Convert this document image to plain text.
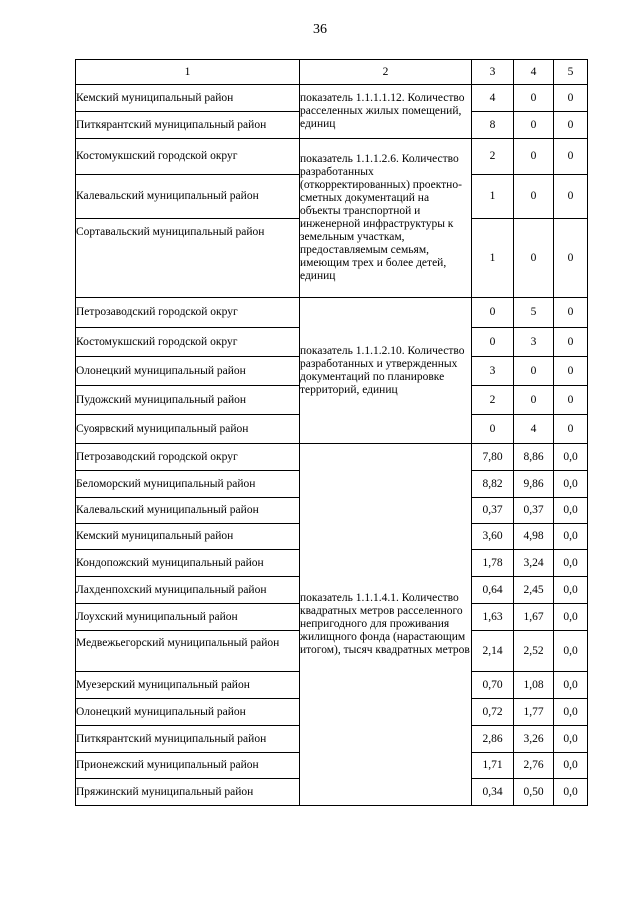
36
1	2	3	4	5
Кемский муниципальный район	показатель 1.1.1.1.12. Количество расселенных жилых помещений, единиц	4	0	0
Питкярантский муниципальный район		8	0	0
Костомукшский городской округ	показатель 1.1.1.2.6. Количество разработанных (откорректированных) проектно-сметных документаций на объекты транспортной и инженерной инфраструктуры к земельным участкам, предоставляемым семьям, имеющим трех и более детей, единиц	2	0	0
Калевальский муниципальный район		1	0	0
Сортавальский муниципальный район		1	0	0
Петрозаводский городской округ	показатель 1.1.1.2.10. Количество разработанных и утвержденных документаций по планировке территорий, единиц	0	5	0
Костомукшский городской округ		0	3	0
Олонецкий муниципальный район		3	0	0
Пудожский муниципальный район		2	0	0
Суоярвский муниципальный район		0	4	0
Петрозаводский городской округ	показатель 1.1.1.4.1. Количество квадратных метров расселенного непригодного для проживания жилищного фонда (нарастающим итогом), тысяч квадратных метров	7,80	8,86	0,0
Беломорский муниципальный район		8,82	9,86	0,0
Калевальский муниципальный район		0,37	0,37	0,0
Кемский муниципальный район		3,60	4,98	0,0
Кондопожский муниципальный район		1,78	3,24	0,0
Лахденпохский муниципальный район		0,64	2,45	0,0
Лоухский муниципальный район		1,63	1,67	0,0
Медвежьегорский муниципальный район		2,14	2,52	0,0
Муезерский муниципальный район		0,70	1,08	0,0
Олонецкий муниципальный район		0,72	1,77	0,0
Питкярантский муниципальный район		2,86	3,26	0,0
Прионежский муниципальный район		1,71	2,76	0,0
Пряжинский муниципальный район		0,34	0,50	0,0
